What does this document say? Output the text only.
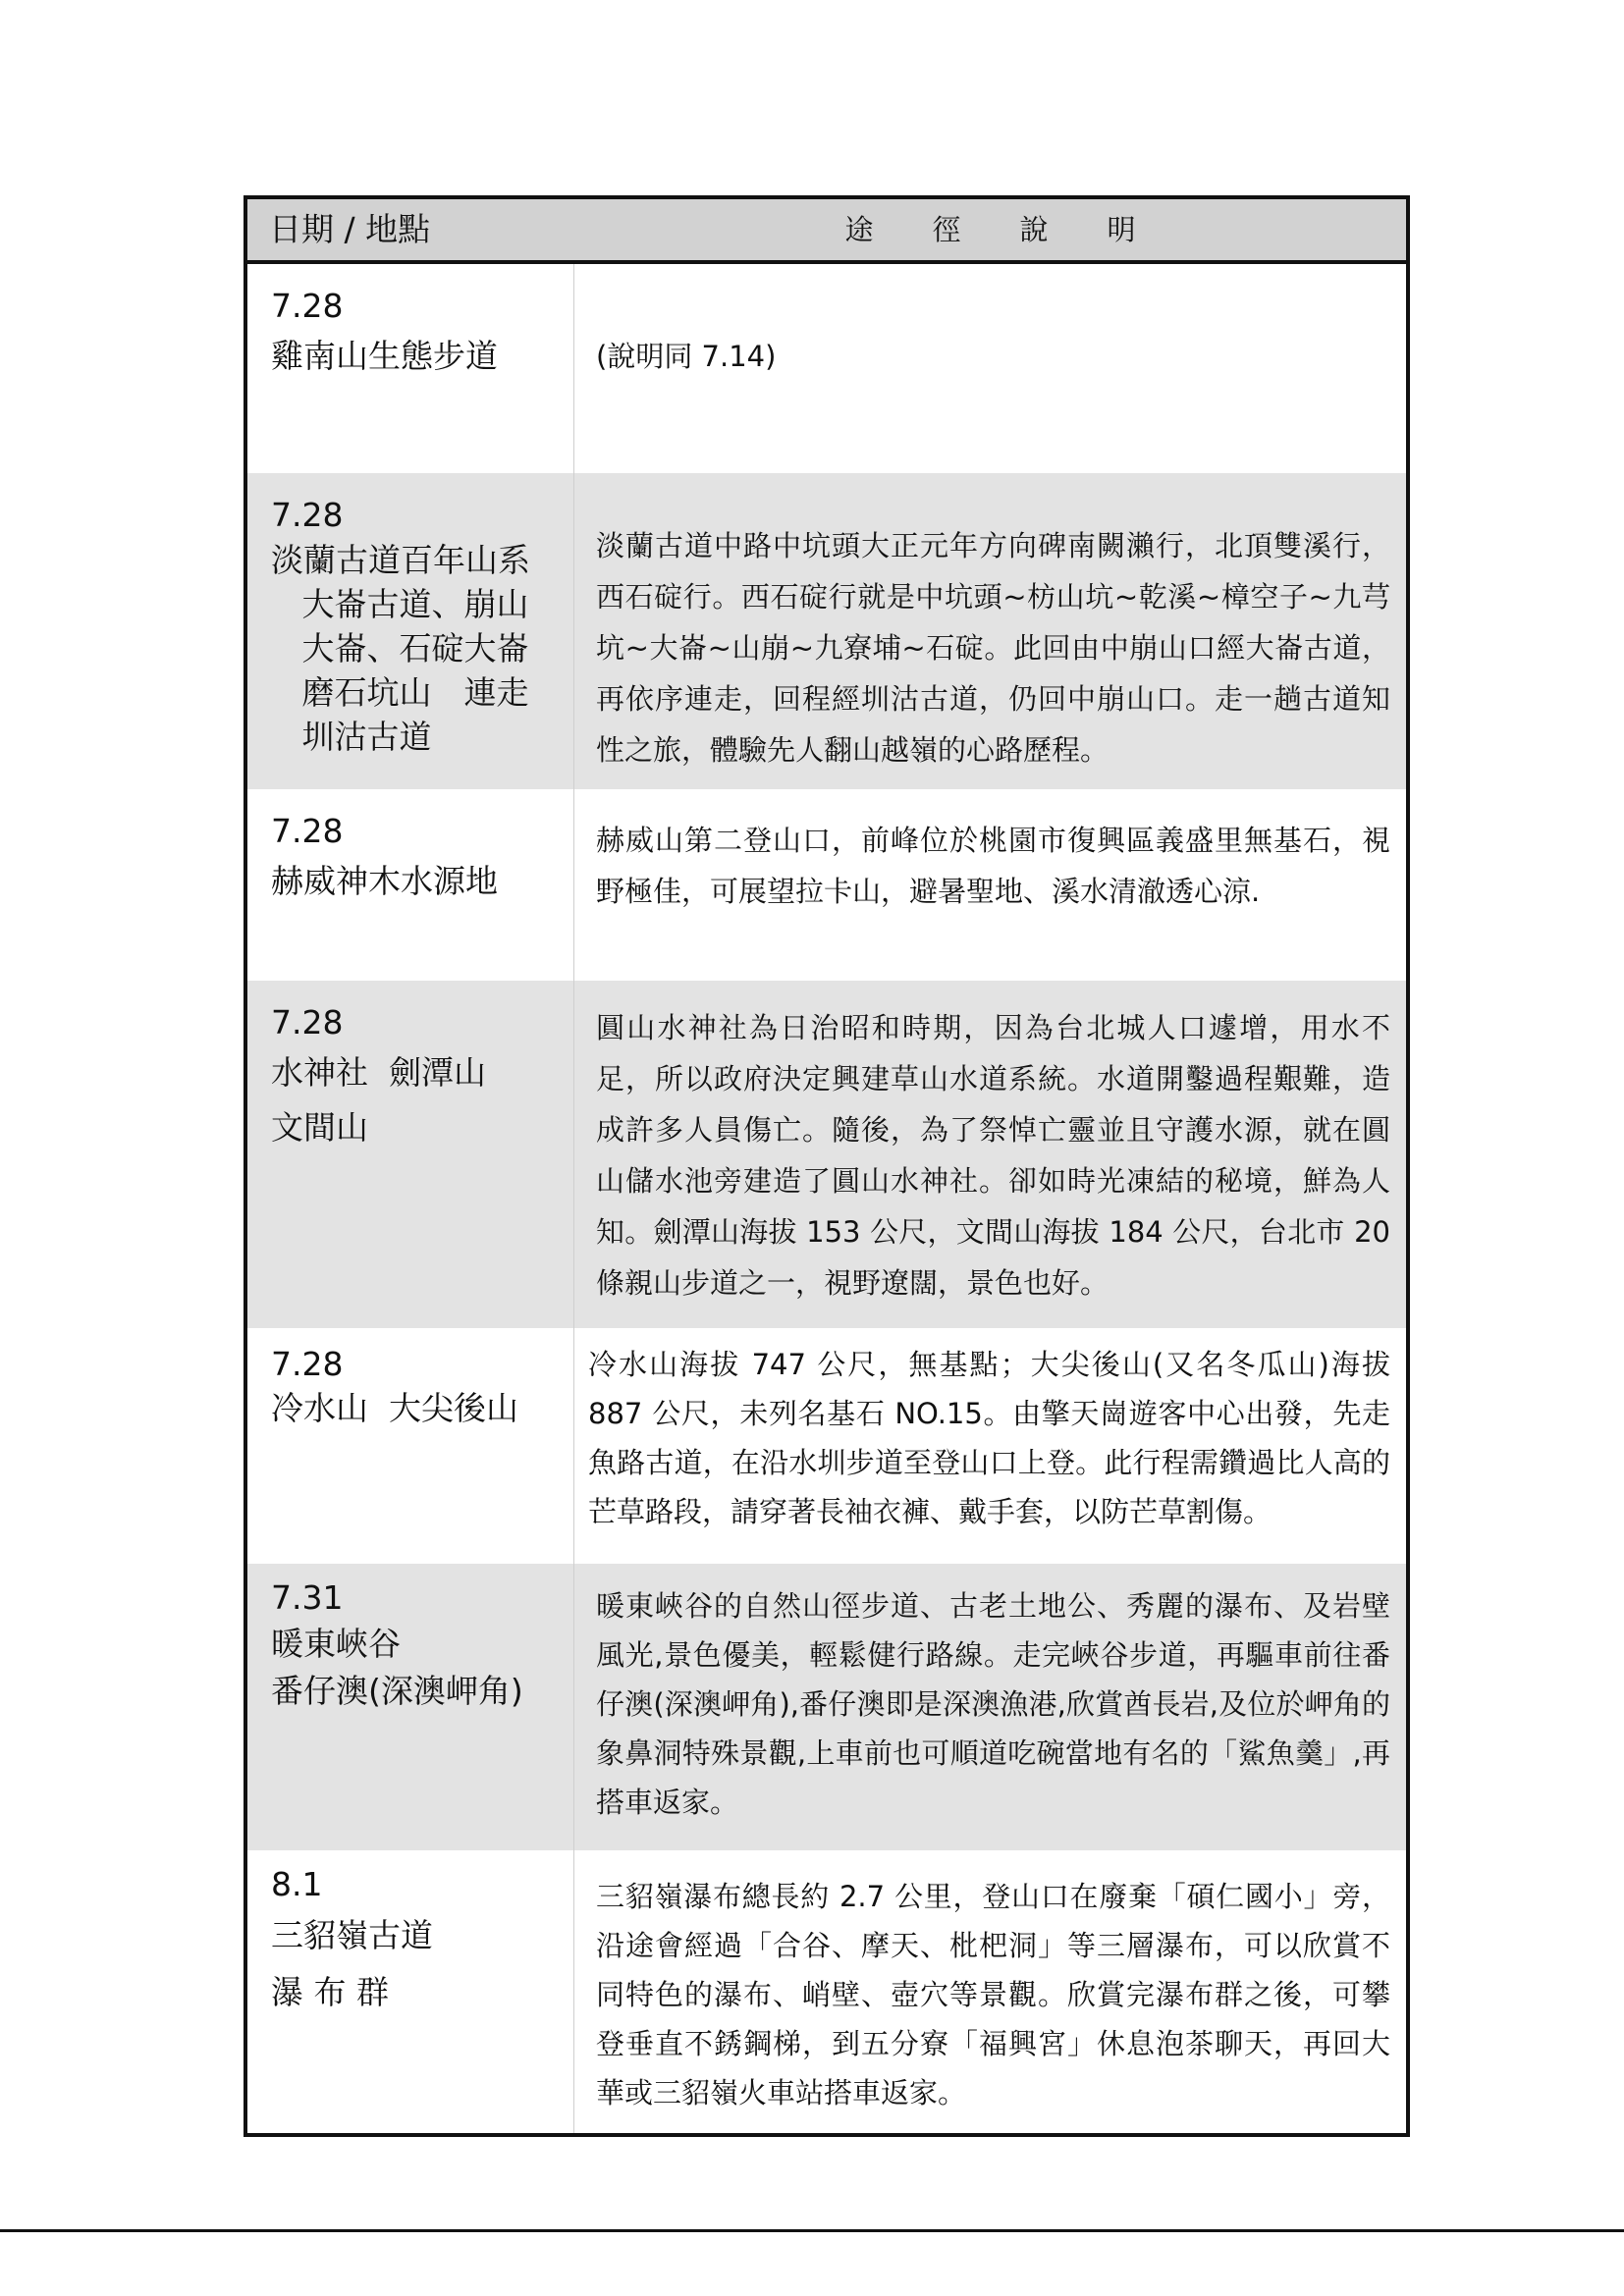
日期 / 地點	途徑說明
7.28
雞南山生態步道	(說明同 7.14)
7.28
淡蘭古道百年山系
大崙古道、崩山
大崙、石碇大崙
磨石坑山　連走
圳沽古道
淡蘭古道中路中坑頭大正元年方向碑南闕瀨行，北頂雙溪行，西石碇行。西石碇行就是中坑頭~枋山坑~乾溪~樟空子~九芎坑~大崙~山崩~九寮埔~石碇。此回由中崩山口經大崙古道，再依序連走，回程經圳沽古道，仍回中崩山口。走一趟古道知性之旅，體驗先人翻山越嶺的心路歷程。
7.28
赫威神木水源地
赫威山第二登山口，前峰位於桃園市復興區義盛里無基石，視野極佳，可展望拉卡山，避暑聖地、溪水清澈透心涼.
7.28
水神社  劍潭山
文間山
圓山水神社為日治昭和時期，因為台北城人口遽增，用水不足，所以政府決定興建草山水道系統。水道開鑿過程艱難，造成許多人員傷亡。隨後，為了祭悼亡靈並且守護水源，就在圓山儲水池旁建造了圓山水神社。卻如時光凍結的秘境，鮮為人知。劍潭山海拔 153 公尺，文間山海拔 184 公尺，台北市 20 條親山步道之一，視野遼闊，景色也好。
7.28
冷水山  大尖後山
冷水山海拔 747 公尺，無基點；大尖後山(又名冬瓜山)海拔 887 公尺，未列名基石 NO.15。由擎天崗遊客中心出發，先走魚路古道，在沿水圳步道至登山口上登。此行程需鑽過比人高的芒草路段，請穿著長袖衣褲、戴手套，以防芒草割傷。
7.31
暖東峽谷
番仔澳(深澳岬角)
暖東峽谷的自然山徑步道、古老土地公、秀麗的瀑布、及岩壁風光,景色優美，輕鬆健行路線。走完峽谷步道，再驅車前往番仔澳(深澳岬角),番仔澳即是深澳漁港,欣賞酋長岩,及位於岬角的象鼻洞特殊景觀,上車前也可順道吃碗當地有名的「鯊魚羹」,再搭車返家。
8.1
三貂嶺古道
瀑 布 群
三貂嶺瀑布總長約 2.7 公里，登山口在廢棄「碩仁國小」旁，沿途會經過「合谷、摩天、枇杷洞」等三層瀑布，可以欣賞不同特色的瀑布、峭壁、壺穴等景觀。欣賞完瀑布群之後，可攀登垂直不銹鋼梯，到五分寮「福興宮」休息泡茶聊天，再回大華或三貂嶺火車站搭車返家。
